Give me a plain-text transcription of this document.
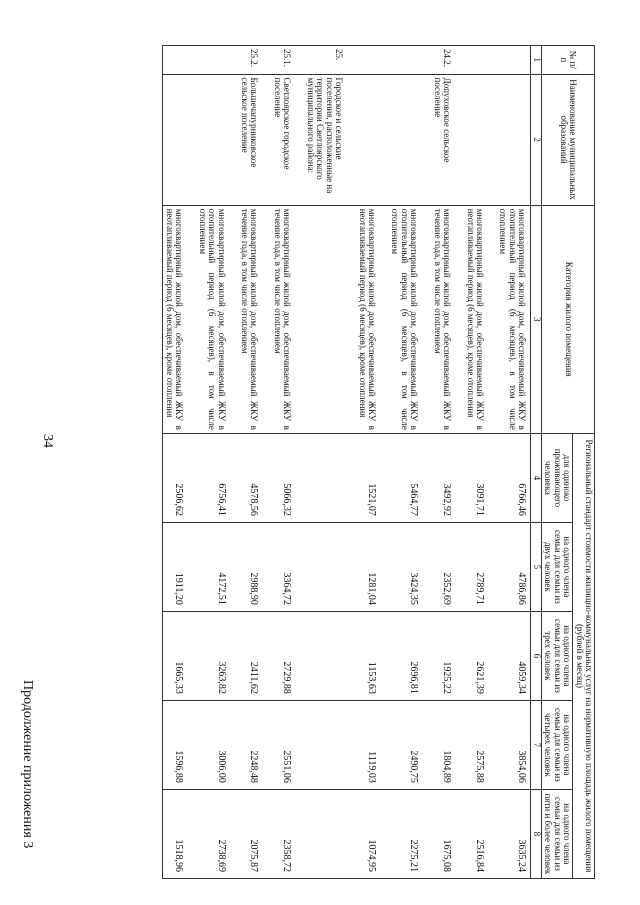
34
Продолжение приложения 3
№ п/п	Наименование муниципальных образований	Категория жилого помещения	Региональный стандарт стоимости жилищно-коммунальных услуг на нормативную площадь жилого помещения (рублей в месяц)				
			для одиноко проживающего человека	на одного члена семьи для семьи из двух человек	на одного члена семьи для семьи из трех человек	на одного члена семьи для семьи из четырех человек	на одного члена семьи для семьи из пяти и более человек
1	2	3	4	5	6	7	8
		многоквартирный жилой дом, обеспечиваемый ЖКУ в отопительный период (6 месяцев), в том числе отоплением	6766,46	4786,86	4059,34	3854,06	3635,24

		многоквартирный жилой дом, обеспечиваемый ЖКУ в неотапливаемый период (6 месяцев), кроме отопления	3091,71	2789,71	2621,39	2575,88	2516,84

24.2.	Допуховское сельское поселение	многоквартирный жилой дом, обеспечиваемый ЖКУ в течение года, в том числе отоплением	3492,92	2352,69	1925,22	1804,89	1675,08

		многоквартирный жилой дом, обеспечиваемый ЖКУ в отопительный период (6 месяцев), в том числе отоплением	5464,77	3424,35	2696,81	2490,75	2275,21

		многоквартирный жилой дом, обеспечиваемый ЖКУ в неотапливаемый период (6 месяцев), кроме отопления	1521,07	1281,04	1153,63	1119,03	1074,95

25.	Городское и сельские поселения, расположенные на территории Светлоярского муниципального района:						

25.1.	Светлоярское городское поселение	многоквартирный жилой дом, обеспечиваемый ЖКУ в течение года, в том числе отоплением	5066,32	3364,72	2729,88	2551,06	2358,72

25.2.	Большечапурниковское сельское поселение	многоквартирный жилой дом, обеспечиваемый ЖКУ в течение года, в том числе отоплением	4578,56	2988,90	2411,62	2248,48	2075,87

		многоквартирный жилой дом, обеспечиваемый ЖКУ в отопительный период (6 месяцев), в том числе отоплением	6756,41	4172,51	3263,82	3006,00	2738,69

		многоквартирный жилой дом, обеспечиваемый ЖКУ в неотапливаемый период (6 месяцев), кроме отопления	2506,62	1911,20	1665,33	1596,88	1518,96
